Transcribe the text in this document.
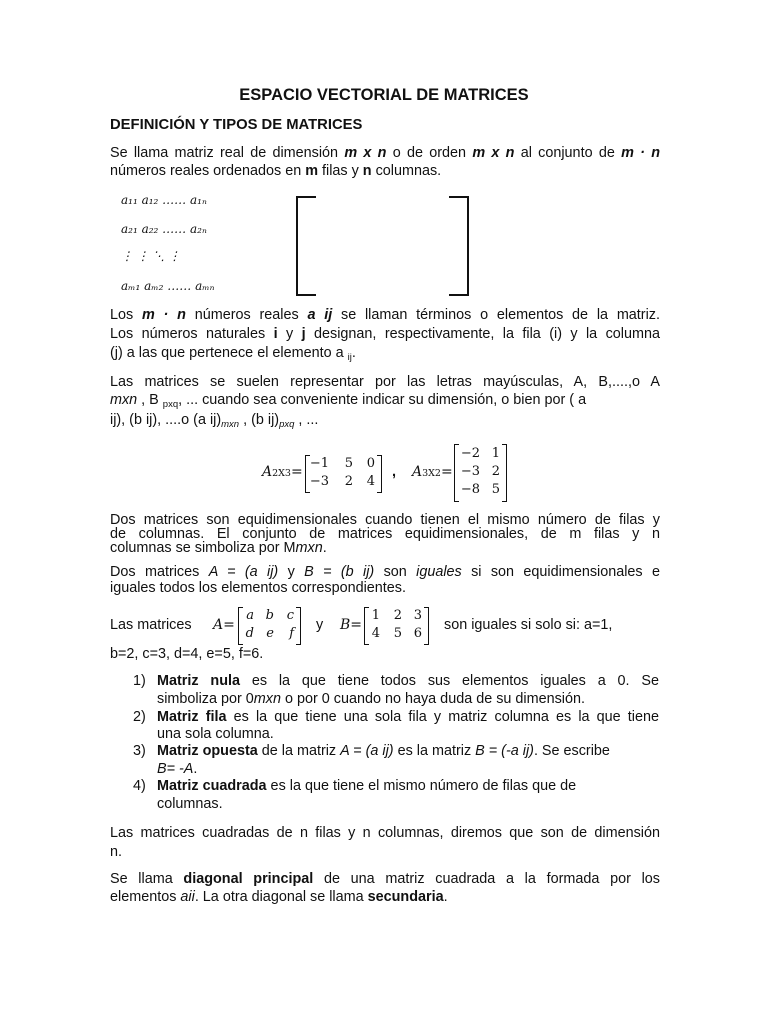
ESPACIO VECTORIAL DE MATRICES
DEFINICIÓN Y TIPOS DE MATRICES
Se llama matriz real de dimensión m x n o de orden m x n al conjunto de m · n
números reales ordenados en m filas y n columnas.
a₁₁ a₁₂ …… a₁ₙ
a₂₁ a₂₂ …… a₂ₙ
⋮ ⋮ ⋱ ⋮
aₘ₁ aₘ₂ …… aₘₙ
Los m · n números reales a ij se llaman términos o elementos de la matriz.
Los números naturales i y j designan, respectivamente, la fila (i) y la columna
(j) a las que pertenece el elemento a $_{ij}$.
Las matrices se suelen representar por las letras mayúsculas, A, B,....,o A
mxn , B $_{pxq}$, ... cuando sea conveniente indicar su dimensión, o bien por ( a
ij), (b ij), ....o (a $ij)_{mxn}$ , (b $ij)_{pxq}$ , ...
A2X3=
−1	5	0
−3	2	4
, A3X2=
−2 1
−3 2
−8 5
Dos matrices son equidimensionales cuando tienen el mismo número de filas y
de columnas. El conjunto de matrices equidimensionales, de m filas y n
columnas se simboliza por Mmxn.
Dos matrices A = (a ij) y B = (b ij) son iguales si son equidimensionales e
iguales todos los elementos correspondientes.
Las matrices A=
a b c
d e	f
y B=
1	2 3
4	5 6
son iguales si solo si: a=1,
b=2, c=3, d=4, e=5, f=6.
1) Matriz nula es la que tiene todos sus elementos iguales a 0. Se
simboliza por 0mxn o por 0 cuando no haya duda de su dimensión.
2) Matriz fila es la que tiene una sola fila y matriz columna es la que tiene
una sola columna.
3) Matriz opuesta de la matriz A = (a ij) es la matriz B = (-a ij). Se escribe
B= -A.
4) Matriz cuadrada es la que tiene el mismo número de filas que de
columnas.
Las matrices cuadradas de n filas y n columnas, diremos que son de dimensión
n.
Se llama diagonal principal de una matriz cuadrada a la formada por los
elementos aii. La otra diagonal se llama secundaria.
